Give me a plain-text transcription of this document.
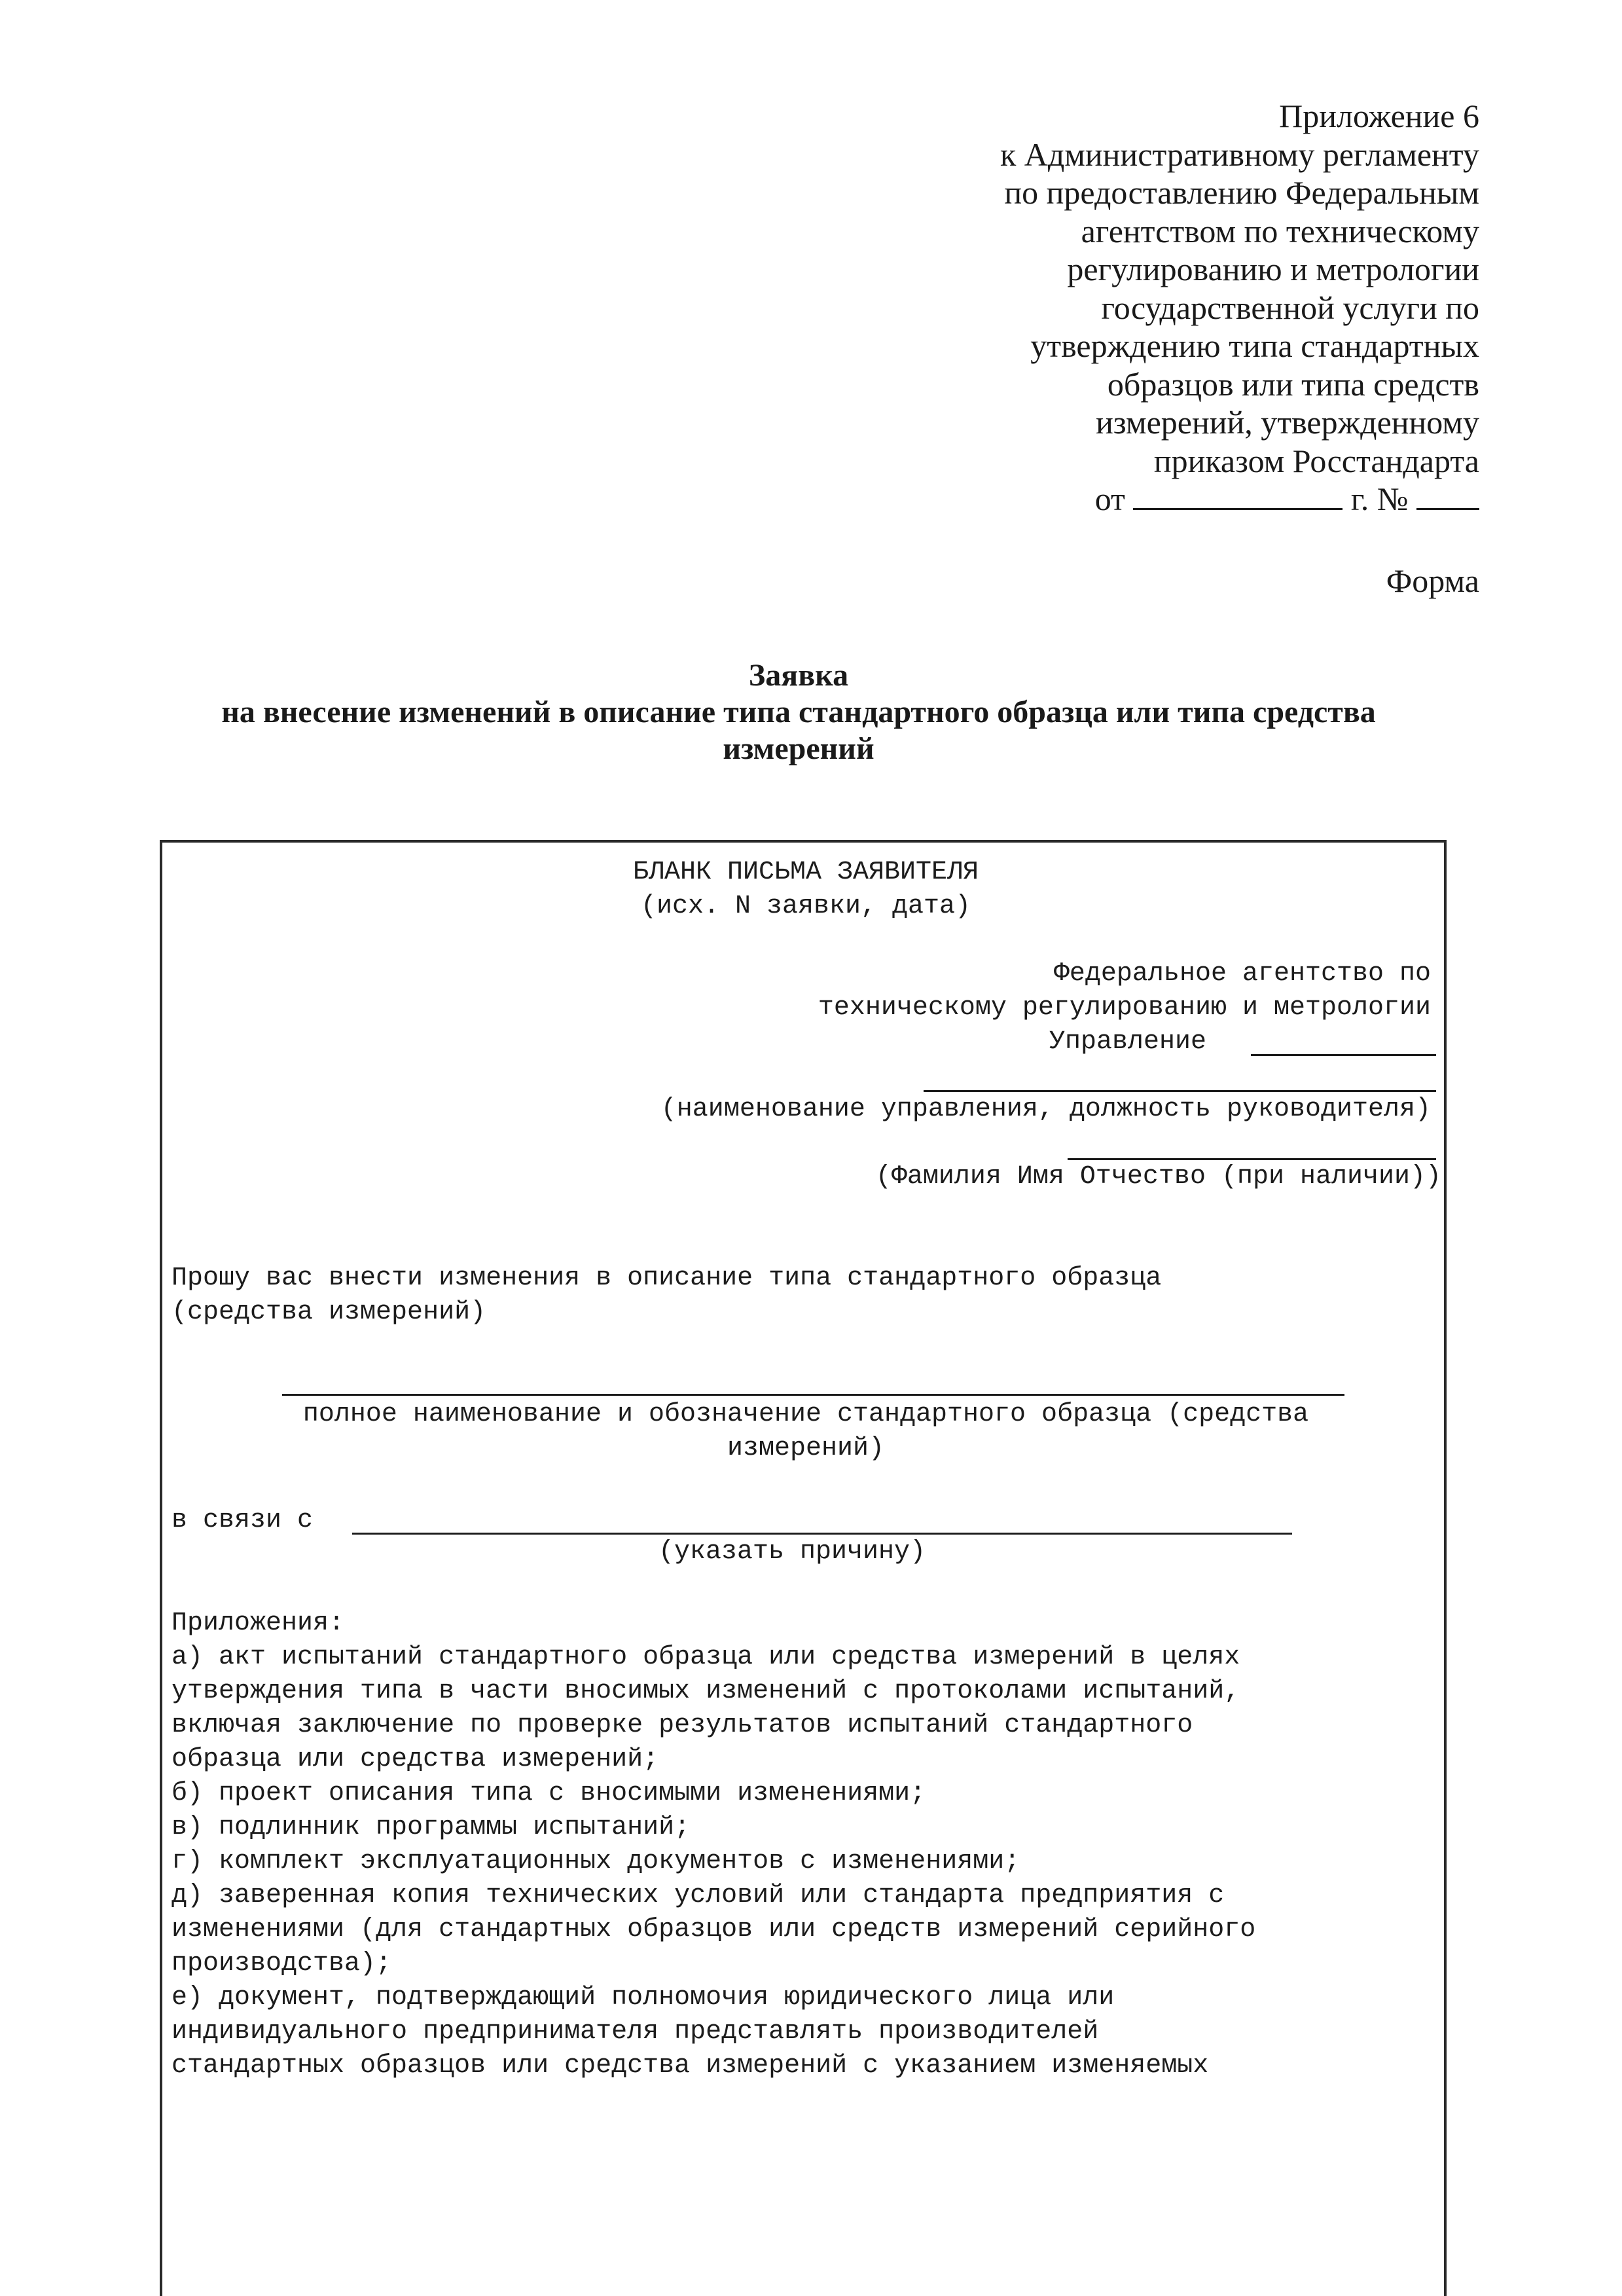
Приложение 6
к Административному регламенту
по предоставлению Федеральным
агентством по техническому
регулированию и метрологии
государственной услуги по
утверждению типа стандартных
образцов или типа средств
измерений, утвержденному
приказом Росстандарта
от	г. №
Форма
Заявка
на внесение изменений в описание типа стандартного образца или типа средства
измерений
БЛАНК ПИСЬМА ЗАЯВИТЕЛЯ
(исх. N заявки, дата)
Федеральное агентство по
техническому регулированию и метрологии
Управление
(наименование управления, должность руководителя)
(Фамилия Имя Отчество (при наличии))
Прошу вас внести изменения в описание типа стандартного образца
(средства измерений)
полное наименование и обозначение стандартного образца (средства
измерений)
в связи с
(указать причину)
Приложения:
а) акт испытаний стандартного образца или средства измерений в целях
утверждения типа в части вносимых изменений с протоколами испытаний,
включая заключение по проверке результатов испытаний стандартного
образца или средства измерений;
б) проект описания типа с вносимыми изменениями;
в) подлинник программы испытаний;
г) комплект эксплуатационных документов с изменениями;
д) заверенная копия технических условий или стандарта предприятия с
изменениями (для стандартных образцов или средств измерений серийного
производства);
е) документ, подтверждающий полномочия юридического лица или
индивидуального предпринимателя представлять производителей
стандартных образцов или средства измерений с указанием изменяемых
